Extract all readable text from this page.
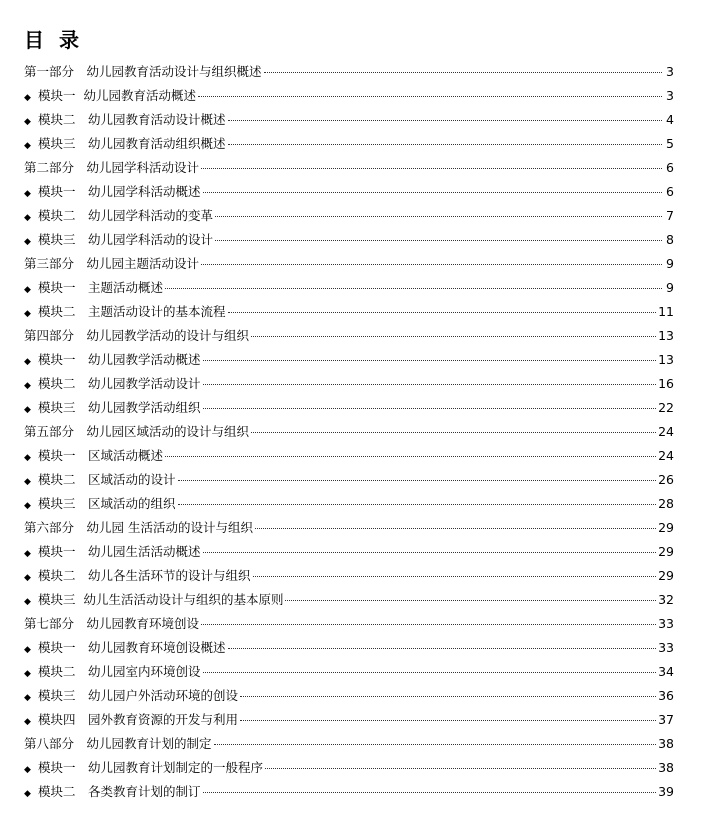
目 录
第一部分　幼儿园教育活动设计与组织概述	3
◆ 模块一  幼儿园教育活动概述	3
◆ 模块二　幼儿园教育活动设计概述	4
◆ 模块三　幼儿园教育活动组织概述	5
第二部分　幼儿园学科活动设计	6
◆ 模块一　幼儿园学科活动概述	6
◆ 模块二　幼儿园学科活动的变革	7
◆ 模块三　幼儿园学科活动的设计	8
第三部分　幼儿园主题活动设计	9
◆ 模块一　主题活动概述	9
◆ 模块二　主题活动设计的基本流程	11
第四部分　幼儿园教学活动的设计与组织	13
◆ 模块一　幼儿园教学活动概述	13
◆ 模块二　幼儿园教学活动设计	16
◆ 模块三　幼儿园教学活动组织	22
第五部分　幼儿园区域活动的设计与组织	24
◆ 模块一　区域活动概述	24
◆ 模块二　区域活动的设计	26
◆ 模块三　区域活动的组织	28
第六部分　幼儿园 生活活动的设计与组织	29
◆ 模块一　幼儿园生活活动概述	29
◆ 模块二　幼儿各生活环节的设计与组织	29
◆ 模块三  幼儿生活活动设计与组织的基本原则	32
第七部分　幼儿园教育环境创设	33
◆ 模块一　幼儿园教育环境创设概述	33
◆ 模块二　幼儿园室内环境创设	34
◆ 模块三　幼儿园户外活动环境的创设	36
◆ 模块四　园外教育资源的开发与利用	37
第八部分　幼儿园教育计划的制定	38
◆ 模块一　幼儿园教育计划制定的一般程序	38
◆ 模块二　各类教育计划的制订	39
